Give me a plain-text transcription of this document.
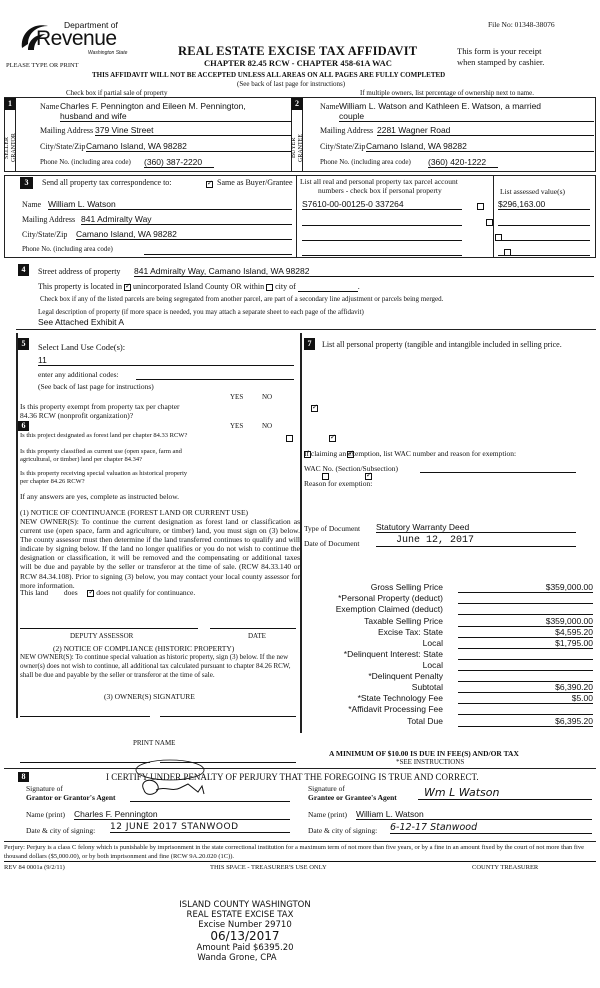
File No: 01348-38076
Department of
Revenue
Washington State
PLEASE TYPE OR PRINT
REAL ESTATE EXCISE TAX AFFIDAVIT
CHAPTER 82.45 RCW - CHAPTER 458-61A WAC
This form is your receipt
when stamped by cashier.
THIS AFFIDAVIT WILL NOT BE ACCEPTED UNLESS ALL AREAS ON ALL PAGES ARE FULLY COMPLETED
(See back of last page for instructions)
Check box if partial sale of property	If multiple owners, list percentage of ownership next to name.
1
SELLER GRANTOR
Name Charles F. Pennington and Eileen M. Pennington,
husband and wife
Mailing Address 379 Vine Street
City/State/Zip Camano Island, WA 98282
Phone No. (including area code) (360) 387-2220
2
BUYER GRANTEE
Name William L. Watson and Kathleen E. Watson, a married
couple
Mailing Address 2281 Wagner Road
City/State/Zip Camano Island, WA 98282
Phone No. (including area code) (360) 420-1222
3	Send all property tax correspondence to: ✓	Same as Buyer/Grantee
Name William L. Watson
Mailing Address 841 Admiralty Way
City/State/Zip Camano Island, WA 98282
Phone No. (including area code)
List all real and personal property tax parcel account
numbers - check box if personal property	List assessed value(s)
S7610-00-00125-0 337264
	$296,163.00

4	Street address of property 841 Admiralty Way, Camano Island, WA 98282
This property is located in ✓ unincorporated Island County OR within city of	.
Check box if any of the listed parcels are being segregated from another parcel, are part of a secondary line adjustment or parcels being merged.
Legal description of property (if more space is needed, you may attach a separate sheet to each page of the affidavit)
See Attached Exhibit A
5	Select Land Use Code(s):
11
enter any additional codes:
(See back of last page for instructions)
YES	NO
Is this property exempt from property tax per chapter
84.36 RCW (nonprofit organization)?
✓
6	YES	NO
Is this project designated as forest land per chapter 84.33 RCW?
✓
Is this property classified as current use (open space, farm and
agricultural, or timber) land per chapter 84.34?
✓
Is this property receiving special valuation as historical property
per chapter 84.26 RCW?
✓
If any answers are yes, complete as instructed below.
(1) NOTICE OF CONTINUANCE (FOREST LAND OR CURRENT USE)
NEW OWNER(S): To continue the current designation as forest land or classification as current use (open space, farm and agriculture, or timber) land, you must sign on (3) below. The county assessor must then determine if the land transferred continues to qualify and will indicate by signing below. If the land no longer qualifies or you do not wish to continue the designation or classification, it will be removed and the compensating or additional taxes will be due and payable by the seller or transferor at the time of sale. (RCW 84.33.140 or RCW 84.34.108). Prior to signing (3) below, you may contact your local county assessor for more information.
This land does ✓ does not qualify for continuance.
DEPUTY ASSESSOR	DATE
(2) NOTICE OF COMPLIANCE (HISTORIC PROPERTY)
NEW OWNER(S): To continue special valuation as historic property, sign (3) below. If the new owner(s) does not wish to continue, all additional tax calculated pursuant to chapter 84.26 RCW, shall be due and payable by the seller or transferor at the time of sale.
(3) OWNER(S) SIGNATURE
PRINT NAME
7	List all personal property (tangible and intangible included in selling price.
If claiming an exemption, list WAC number and reason for exemption:
WAC No. (Section/Subsection)
Reason for exemption:
Type of Document Statutory Warranty Deed
Date of Document	June 12, 2017
Gross Selling Price	$359,000.00
*Personal Property (deduct)
Exemption Claimed (deduct)
Taxable Selling Price	$359,000.00
Excise Tax: State	$4,595.20
Local	$1,795.00
*Delinquent Interest: State
Local
*Delinquent Penalty
Subtotal	$6,390.20
*State Technology Fee	$5.00
*Affidavit Processing Fee
Total Due	$6,395.20
A MINIMUM OF $10.00 IS DUE IN FEE(S) AND/OR TAX
*SEE INSTRUCTIONS
8	I CERTIFY UNDER PENALTY OF PERJURY THAT THE FOREGOING IS TRUE AND CORRECT.
Signature of
Grantor or Grantor's Agent
Name (print) Charles F. Pennington
Date & city of signing: 12 JUNE 2017 STANWOOD
Signature of
Grantee or Grantee's Agent	Wm L Watson
Name (print) William L. Watson
Date & city of signing: 6-12-17 Stanwood
Perjury: Perjury is a class C felony which is punishable by imprisonment in the state correctional institution for a maximum term of not more than five years, or by a fine in an amount fixed by the court of not more than five thousand dollars ($5,000.00), or by both imprisonment and fine (RCW 9A.20.020 (1C)).
REV 84 0001a (9/2/11)	THIS SPACE - TREASURER'S USE ONLY	COUNTY TREASURER
ISLAND COUNTY WASHINGTON
REAL ESTATE EXCISE TAX
Excise Number 29710
06/13/2017
Amount Paid $6395.20
Wanda Grone, CPA
